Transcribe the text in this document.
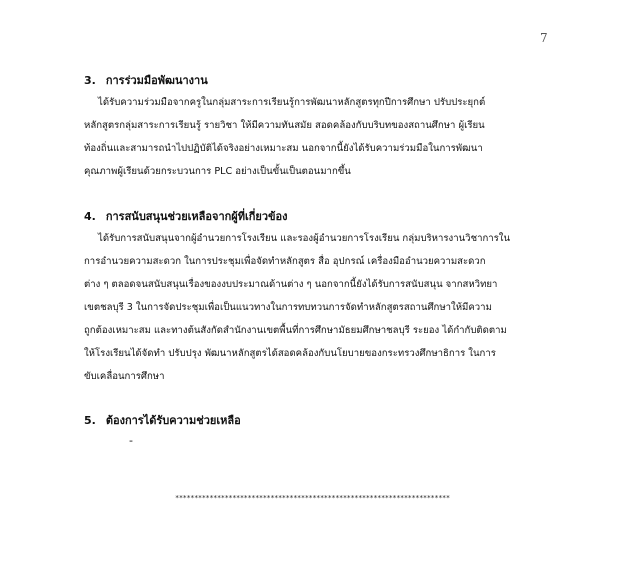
7
3. การร่วมมือพัฒนางาน
ได้รับความร่วมมือจากครูในกลุ่มสาระการเรียนรู้การพัฒนาหลักสูตรทุกปีการศึกษา ปรับประยุกต์
หลักสูตรกลุ่มสาระการเรียนรู้ รายวิชา ให้มีความทันสมัย สอดคล้องกับบริบทของสถานศึกษา ผู้เรียน
ท้องถิ่นและสามารถนำไปปฏิบัติได้จริงอย่างเหมาะสม นอกจากนี้ยังได้รับความร่วมมือในการพัฒนา
คุณภาพผู้เรียนด้วยกระบวนการ PLC อย่างเป็นขั้นเป็นตอนมากขึ้น
4. การสนับสนุนช่วยเหลือจากผู้ที่เกี่ยวข้อง
ได้รับการสนับสนุนจากผู้อำนวยการโรงเรียน และรองผู้อำนวยการโรงเรียน กลุ่มบริหารงานวิชาการใน
การอำนวยความสะดวก ในการประชุมเพื่อจัดทำหลักสูตร สื่อ อุปกรณ์ เครื่องมืออำนวยความสะดวก
ต่าง ๆ ตลอดจนสนับสนุนเรื่องของงบประมาณด้านต่าง ๆ นอกจากนี้ยังได้รับการสนับสนุน จากสหวิทยา
เขตชลบุรี 3 ในการจัดประชุมเพื่อเป็นแนวทางในการทบทวนการจัดทำหลักสูตรสถานศึกษาให้มีความ
ถูกต้องเหมาะสม และทางต้นสังกัดสำนักงานเขตพื้นที่การศึกษามัธยมศึกษาชลบุรี ระยอง ได้กำกับติดตาม
ให้โรงเรียนได้จัดทำ ปรับปรุง พัฒนาหลักสูตรได้สอดคล้องกับนโยบายของกระทรวงศึกษาธิการ ในการ
ขับเคลื่อนการศึกษา
5. ต้องการได้รับความช่วยเหลือ
-
************************************************************************
